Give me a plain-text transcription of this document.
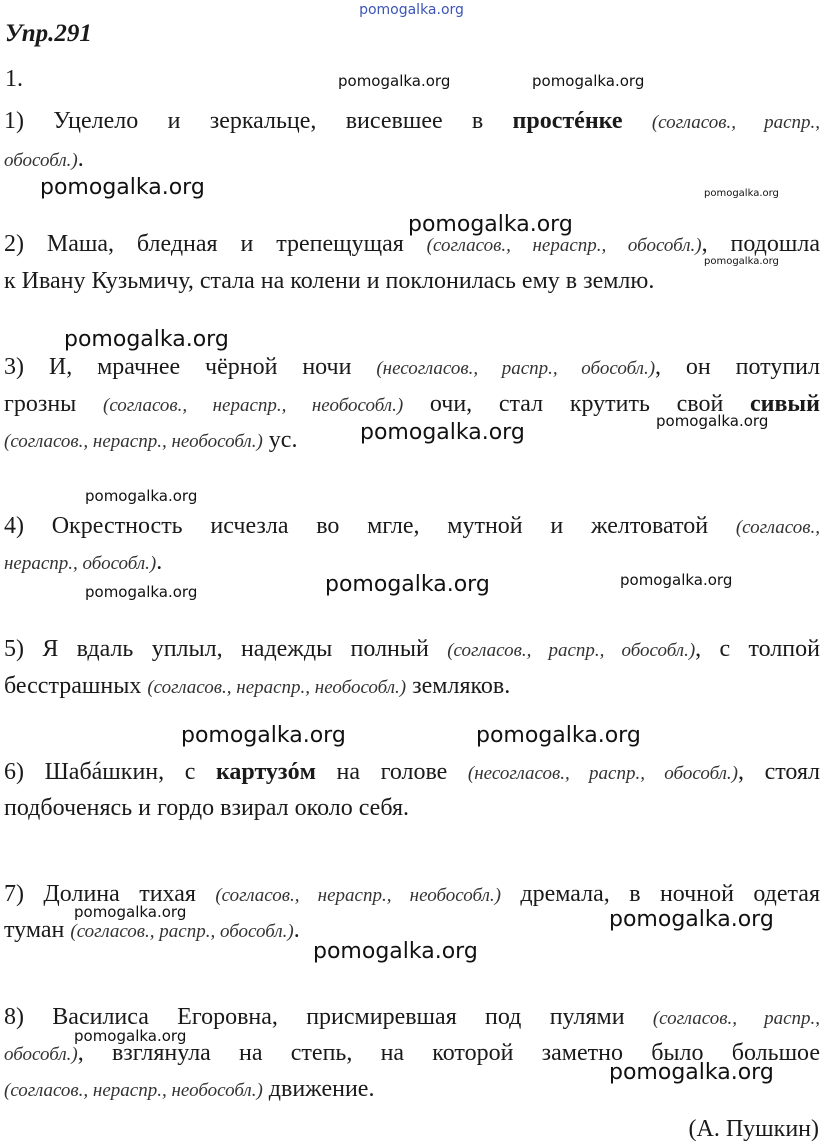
pomogalka.org
Упр.291
1.
1) Уцелело и зеркальце, висевшее в простéнке (согласов., распр.,
обособл.).
2) Маша, бледная и трепещущая (согласов., нераспр., обособл.), подошла
к Ивану Кузьмичу, стала на колени и поклонилась ему в землю.
3) И, мрачнее чёрной ночи (несогласов., распр., обособл.), он потупил
грозны (согласов., нераспр., необособл.) очи, стал крутить свой сивый
(согласов., нераспр., необособл.) ус.
4) Окрестность исчезла во мгле, мутной и желтоватой (согласов.,
нераспр., обособл.).
5) Я вдаль уплыл, надежды полный (согласов., распр., обособл.), с толпой
бесстрашных (согласов., нераспр., необособл.) земляков.
6) Шабáшкин, с картузóм на голове (несогласов., распр., обособл.), стоял
подбоченясь и гордо взирал около себя.
7) Долина тихая (согласов., нераспр., необособл.) дремала, в ночной одетая
туман (согласов., распр., обособл.).
8) Василиса Егоровна, присмиревшая под пулями (согласов., распр.,
обособл.), взглянула на степь, на которой заметно было большое
(согласов., нераспр., необособл.) движение.
(А. Пушкин)
pomogalka.org	pomogalka.org
pomogalka.org	pomogalka.org
pomogalka.org
pomogalka.org
pomogalka.org
pomogalka.org
pomogalka.org
pomogalka.org
pomogalka.org	pomogalka.org
pomogalka.org
pomogalka.org	pomogalka.org
pomogalka.org	pomogalka.org
pomogalka.org
pomogalka.org
pomogalka.org
